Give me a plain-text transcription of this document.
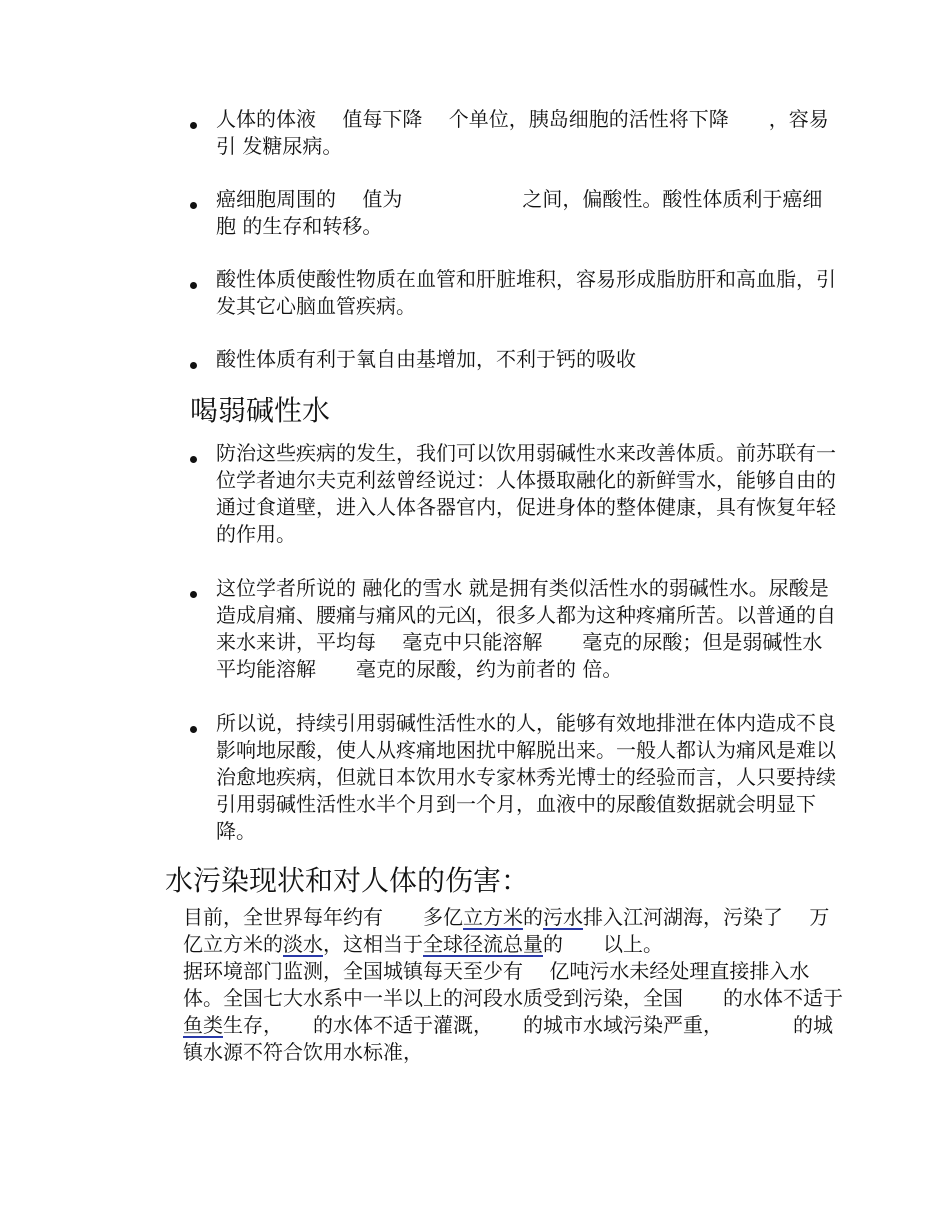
人体的体液　 值每下降　 个单位，胰岛细胞的活性将下降　　，容易引 发糖尿病。
癌细胞周围的　 值为　　　　　　之间，偏酸性。酸性体质利于癌细胞 的生存和转移。
酸性体质使酸性物质在血管和肝脏堆积，容易形成脂肪肝和高血脂，引 发其它心脑血管疾病。
酸性体质有利于氧自由基增加，不利于钙的吸收
喝弱碱性水
防治这些疾病的发生，我们可以饮用弱碱性水来改善体质。前苏联有一位学者迪尔夫克利兹曾经说过：人体摄取融化的新鲜雪水，能够自由的通过食道壁，进入人体各器官内，促进身体的整体健康，具有恢复年轻的作用。
这位学者所说的 融化的雪水 就是拥有类似活性水的弱碱性水。尿酸是造成肩痛、腰痛与痛风的元凶，很多人都为这种疼痛所苦。以普通的自来水来讲，平均每　 毫克中只能溶解　　毫克的尿酸；但是弱碱性水平均能溶解　　毫克的尿酸，约为前者的 倍。
所以说，持续引用弱碱性活性水的人，能够有效地排泄在体内造成不良影响地尿酸，使人从疼痛地困扰中解脱出来。一般人都认为痛风是难以治愈地疾病，但就日本饮用水专家林秀光博士的经验而言，人只要持续引用弱碱性活性水半个月到一个月，血液中的尿酸值数据就会明显下降。
水污染现状和对人体的伤害：

目前，全世界每年约有　　多亿立方米的污水排入江河湖海，污染了　 万亿立方米的淡水，这相当于全球径流总量的　　以上。

据环境部门监测，全国城镇每天至少有　 亿吨污水未经处理直接排入水体。全国七大水系中一半以上的河段水质受到污染，全国　　的水体不适于鱼类生存，　　的水体不适于灌溉，　　的城市水域污染严重，　　　　的城镇水源不符合饮用水标准，
